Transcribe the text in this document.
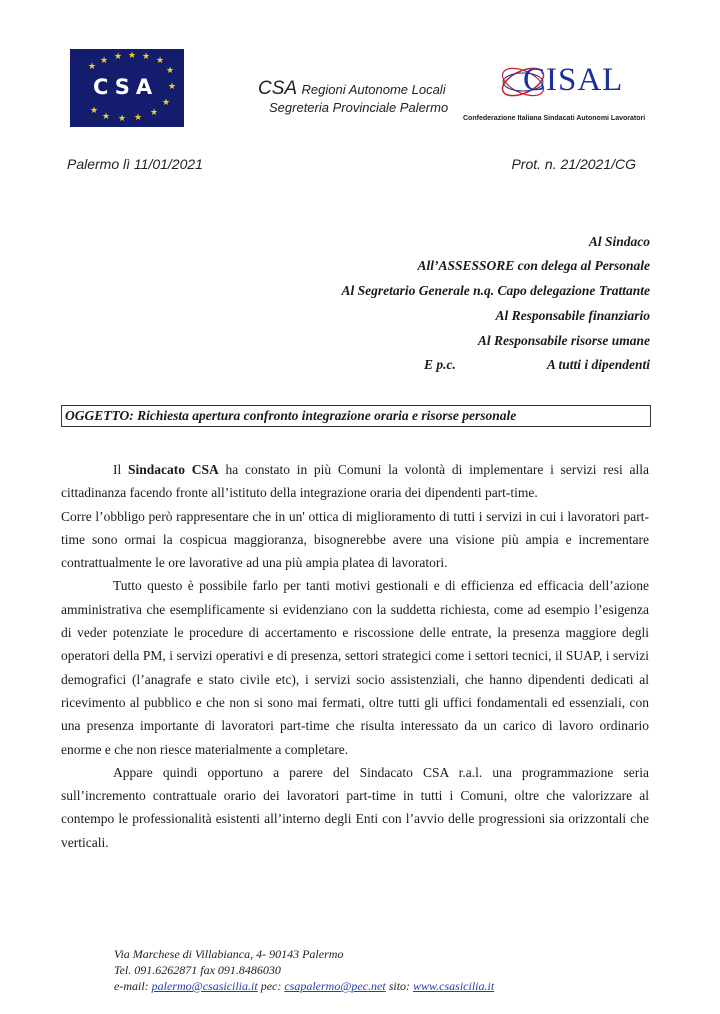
★ ★ ★ ★ ★
★
★
★
★
★
★
★
★
★
CSA	CSA Regioni Autonome Locali
Segreteria Provinciale Palermo
CISAL
Confederazione Italiana Sindacati Autonomi Lavoratori
Palermo lì 11/01/2021	Prot. n. 21/2021/CG
Al Sindaco
All’ASSESSORE con delega al Personale
Al Segretario Generale n.q. Capo delegazione Trattante
Al Responsabile finanziario
Al Responsabile risorse umane
E p.c.	A tutti i dipendenti
OGGETTO: Richiesta apertura confronto integrazione oraria e risorse personale

Il Sindacato CSA ha constato in più Comuni la volontà di implementare i servizi resi alla cittadinanza facendo fronte all’istituto della integrazione oraria dei dipendenti part-time.

Corre l’obbligo però rappresentare che in un' ottica di miglioramento di tutti i servizi in cui i lavoratori part-time sono ormai la cospicua maggioranza, bisognerebbe avere una visione più ampia e incrementare contrattualmente le ore lavorative ad una più ampia platea di lavoratori.

Tutto questo è possibile farlo per tanti motivi gestionali e di efficienza ed efficacia dell’azione amministrativa che esemplificamente si evidenziano con la suddetta richiesta, come ad esempio l’esigenza di veder potenziate le procedure di accertamento e riscossione delle entrate, la presenza maggiore degli operatori della PM, i servizi operativi e di presenza, settori strategici come i settori tecnici, il SUAP, i servizi demografici (l’anagrafe e stato civile etc), i servizi socio assistenziali, che hanno dipendenti dedicati al ricevimento al pubblico e che non si sono mai fermati, oltre tutti gli uffici fondamentali ed essenziali, con una presenza importante di lavoratori part-time che risulta interessato da un carico di lavoro ordinario enorme e che non riesce materialmente a completare.

Appare quindi opportuno a parere del Sindacato CSA r.a.l. una programmazione seria sull’incremento contrattuale orario dei lavoratori part-time in tutti i Comuni, oltre che valorizzare al contempo le professionalità esistenti all’interno degli Enti con l’avvio delle progressioni sia orizzontali che verticali.

Via Marchese di Villabianca, 4- 90143 Palermo
Tel. 091.6262871 fax 091.8486030
e-mail: palermo@csasicilia.it pec: csapalermo@pec.net sito: www.csasicilia.it
